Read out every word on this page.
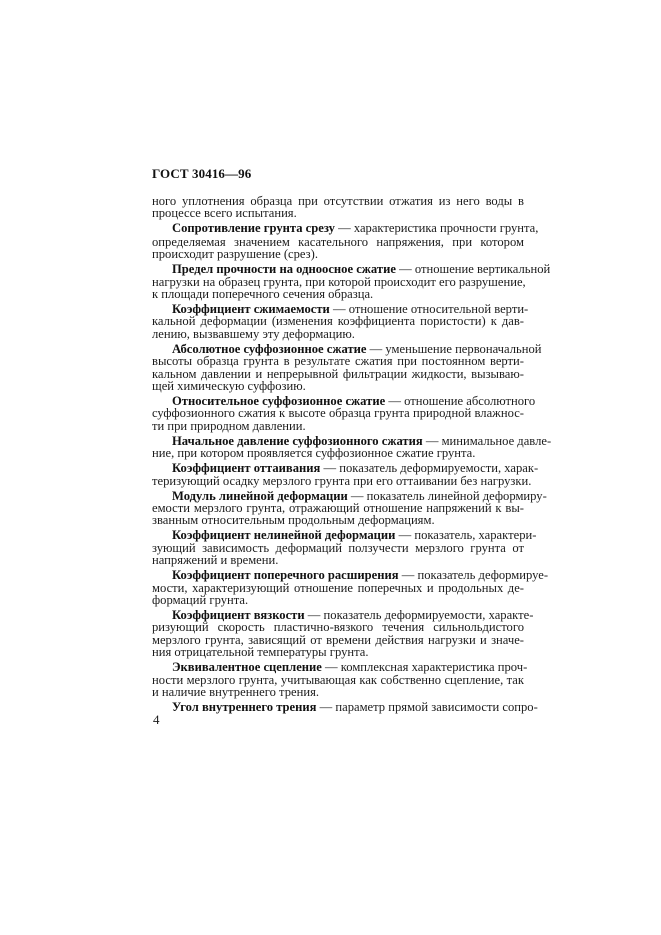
ГОСТ 30416—96
ного уплотнения образца при отсутствии отжатия из него воды в
процессе всего испытания.
Сопротивление грунта срезу — характеристика прочности грунта,
определяемая значением касательного напряжения, при котором
происходит разрушение (срез).
Предел прочности на одноосное сжатие — отношение вертикальной
нагрузки на образец грунта, при которой происходит его разрушение,
к площади поперечного сечения образца.
Коэффициент сжимаемости — отношение относительной верти-
кальной деформации (изменения коэффициента пористости) к дав-
лению, вызвавшему эту деформацию.
Абсолютное суффозионное сжатие — уменьшение первоначальной
высоты образца грунта в результате сжатия при постоянном верти-
кальном давлении и непрерывной фильтрации жидкости, вызываю-
щей химическую суффозию.
Относительное суффозионное сжатие — отношение абсолютного
суффозионного сжатия к высоте образца грунта природной влажнос-
ти при природном давлении.
Начальное давление суффозионного сжатия — минимальное давле-
ние, при котором проявляется суффозионное сжатие грунта.
Коэффициент оттаивания — показатель деформируемости, харак-
теризующий осадку мерзлого грунта при его оттаивании без нагрузки.
Модуль линейной деформации — показатель линейной деформиру-
емости мерзлого грунта, отражающий отношение напряжений к вы-
званным относительным продольным деформациям.
Коэффициент нелинейной деформации — показатель, характери-
зующий зависимость деформаций ползучести мерзлого грунта от
напряжений и времени.
Коэффициент поперечного расширения — показатель деформируе-
мости, характеризующий отношение поперечных и продольных де-
формаций грунта.
Коэффициент вязкости — показатель деформируемости, характе-
ризующий скорость пластично-вязкого течения сильнольдистого
мерзлого грунта, зависящий от времени действия нагрузки и значе-
ния отрицательной температуры грунта.
Эквивалентное сцепление — комплексная характеристика проч-
ности мерзлого грунта, учитывающая как собственно сцепление, так
и наличие внутреннего трения.
Угол внутреннего трения — параметр прямой зависимости сопро-
4
